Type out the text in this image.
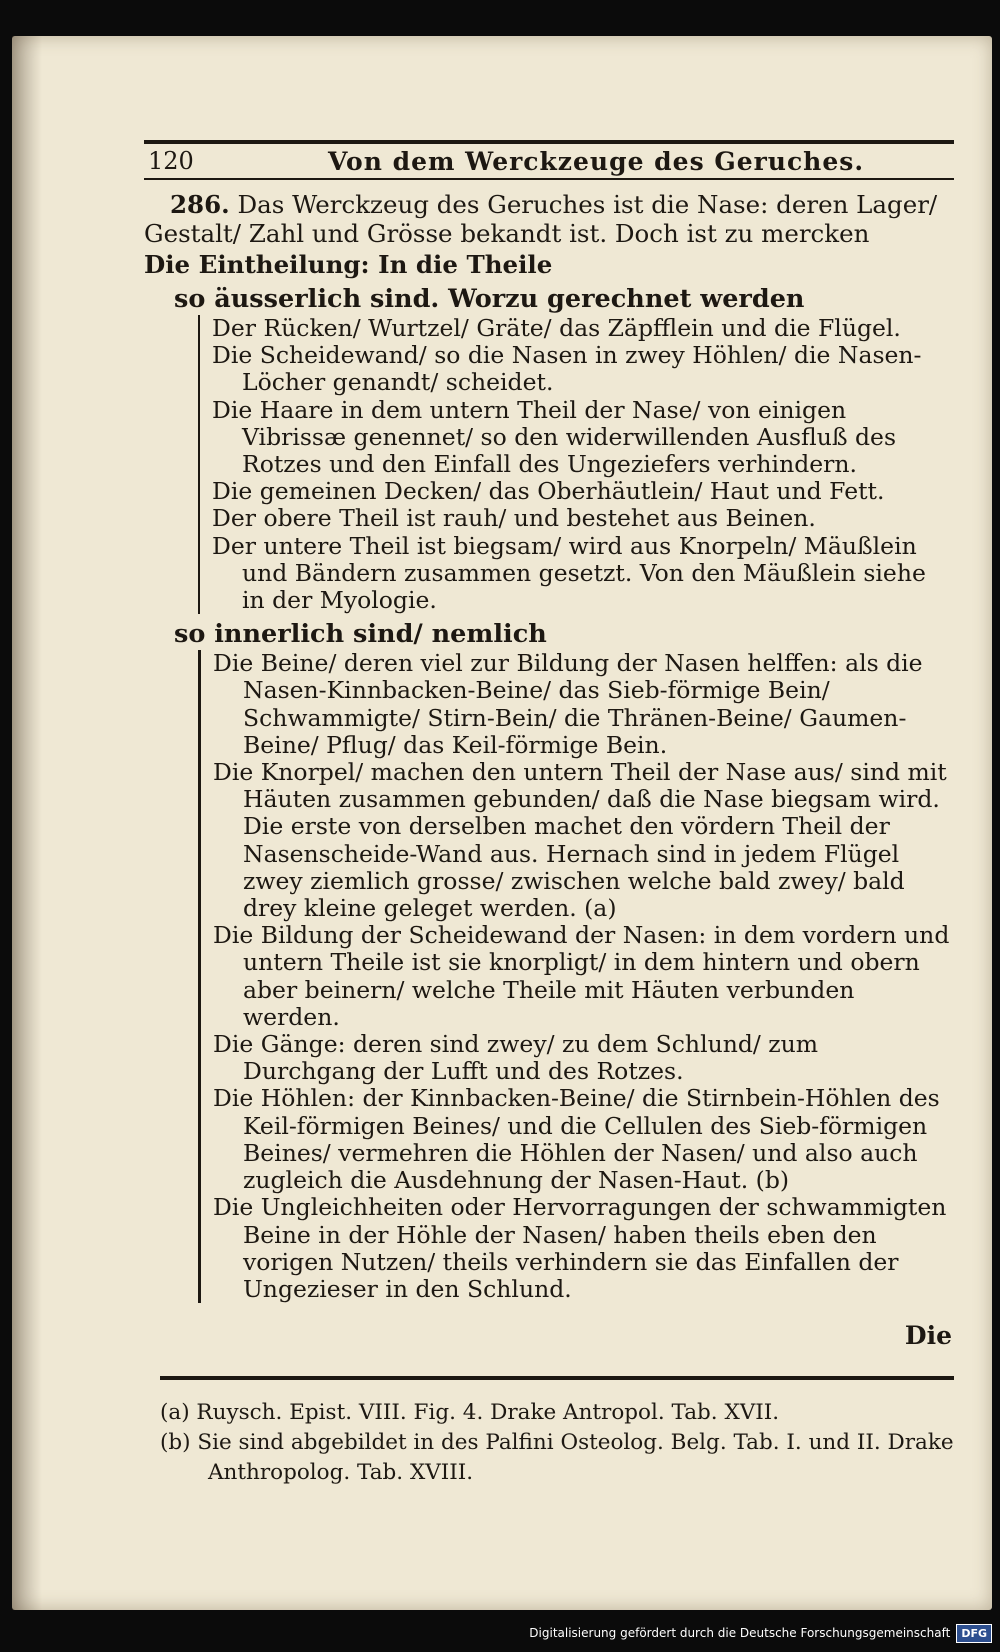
120	Von dem Werckzeuge des Geruches.

286. Das Werckzeug des Geruches ist die Nase: deren Lager/ Gestalt/ Zahl und Grösse bekandt ist. Doch ist zu mercken

Die Eintheilung: In die Theile

so äusserlich sind. Worzu gerechnet werden

Der Rücken/ Wurtzel/ Gräte/ das Zäpfflein und die Flügel.

Die Scheidewand/ so die Nasen in zwey Höhlen/ die Nasen-Löcher genandt/ scheidet.

Die Haare in dem untern Theil der Nase/ von einigen Vibrissæ genennet/ so den widerwillenden Ausfluß des Rotzes und den Einfall des Ungeziefers verhindern.

Die gemeinen Decken/ das Oberhäutlein/ Haut und Fett.

Der obere Theil ist rauh/ und bestehet aus Beinen.

Der untere Theil ist biegsam/ wird aus Knorpeln/ Mäußlein und Bändern zusammen gesetzt. Von den Mäußlein siehe in der Myologie.

so innerlich sind/ nemlich

Die Beine/ deren viel zur Bildung der Nasen helffen: als die Nasen-Kinnbacken-Beine/ das Sieb-förmige Bein/ Schwammigte/ Stirn-Bein/ die Thränen-Beine/ Gaumen-Beine/ Pflug/ das Keil-förmige Bein.

Die Knorpel/ machen den untern Theil der Nase aus/ sind mit Häuten zusammen gebunden/ daß die Nase biegsam wird. Die erste von derselben machet den vördern Theil der Nasenscheide-Wand aus. Hernach sind in jedem Flügel zwey ziemlich grosse/ zwischen welche bald zwey/ bald drey kleine geleget werden. (a)

Die Bildung der Scheidewand der Nasen: in dem vordern und untern Theile ist sie knorpligt/ in dem hintern und obern aber beinern/ welche Theile mit Häuten verbunden werden.

Die Gänge: deren sind zwey/ zu dem Schlund/ zum Durchgang der Lufft und des Rotzes.

Die Höhlen: der Kinnbacken-Beine/ die Stirnbein-Höhlen des Keil-förmigen Beines/ und die Cellulen des Sieb-förmigen Beines/ vermehren die Höhlen der Nasen/ und also auch zugleich die Ausdehnung der Nasen-Haut. (b)

Die Ungleichheiten oder Hervorragungen der schwammigten Beine in der Höhle der Nasen/ haben theils eben den vorigen Nutzen/ theils verhindern sie das Einfallen der Ungezieser in den Schlund.

Die

(a) Ruysch. Epist. VIII. Fig. 4. Drake Antropol. Tab. XVII.

(b) Sie sind abgebildet in des Palfini Osteolog. Belg. Tab. I. und II. Drake Anthropolog. Tab. XVIII.

Digitalisierung gefördert durch die Deutsche Forschungsgemeinschaft	DFG
